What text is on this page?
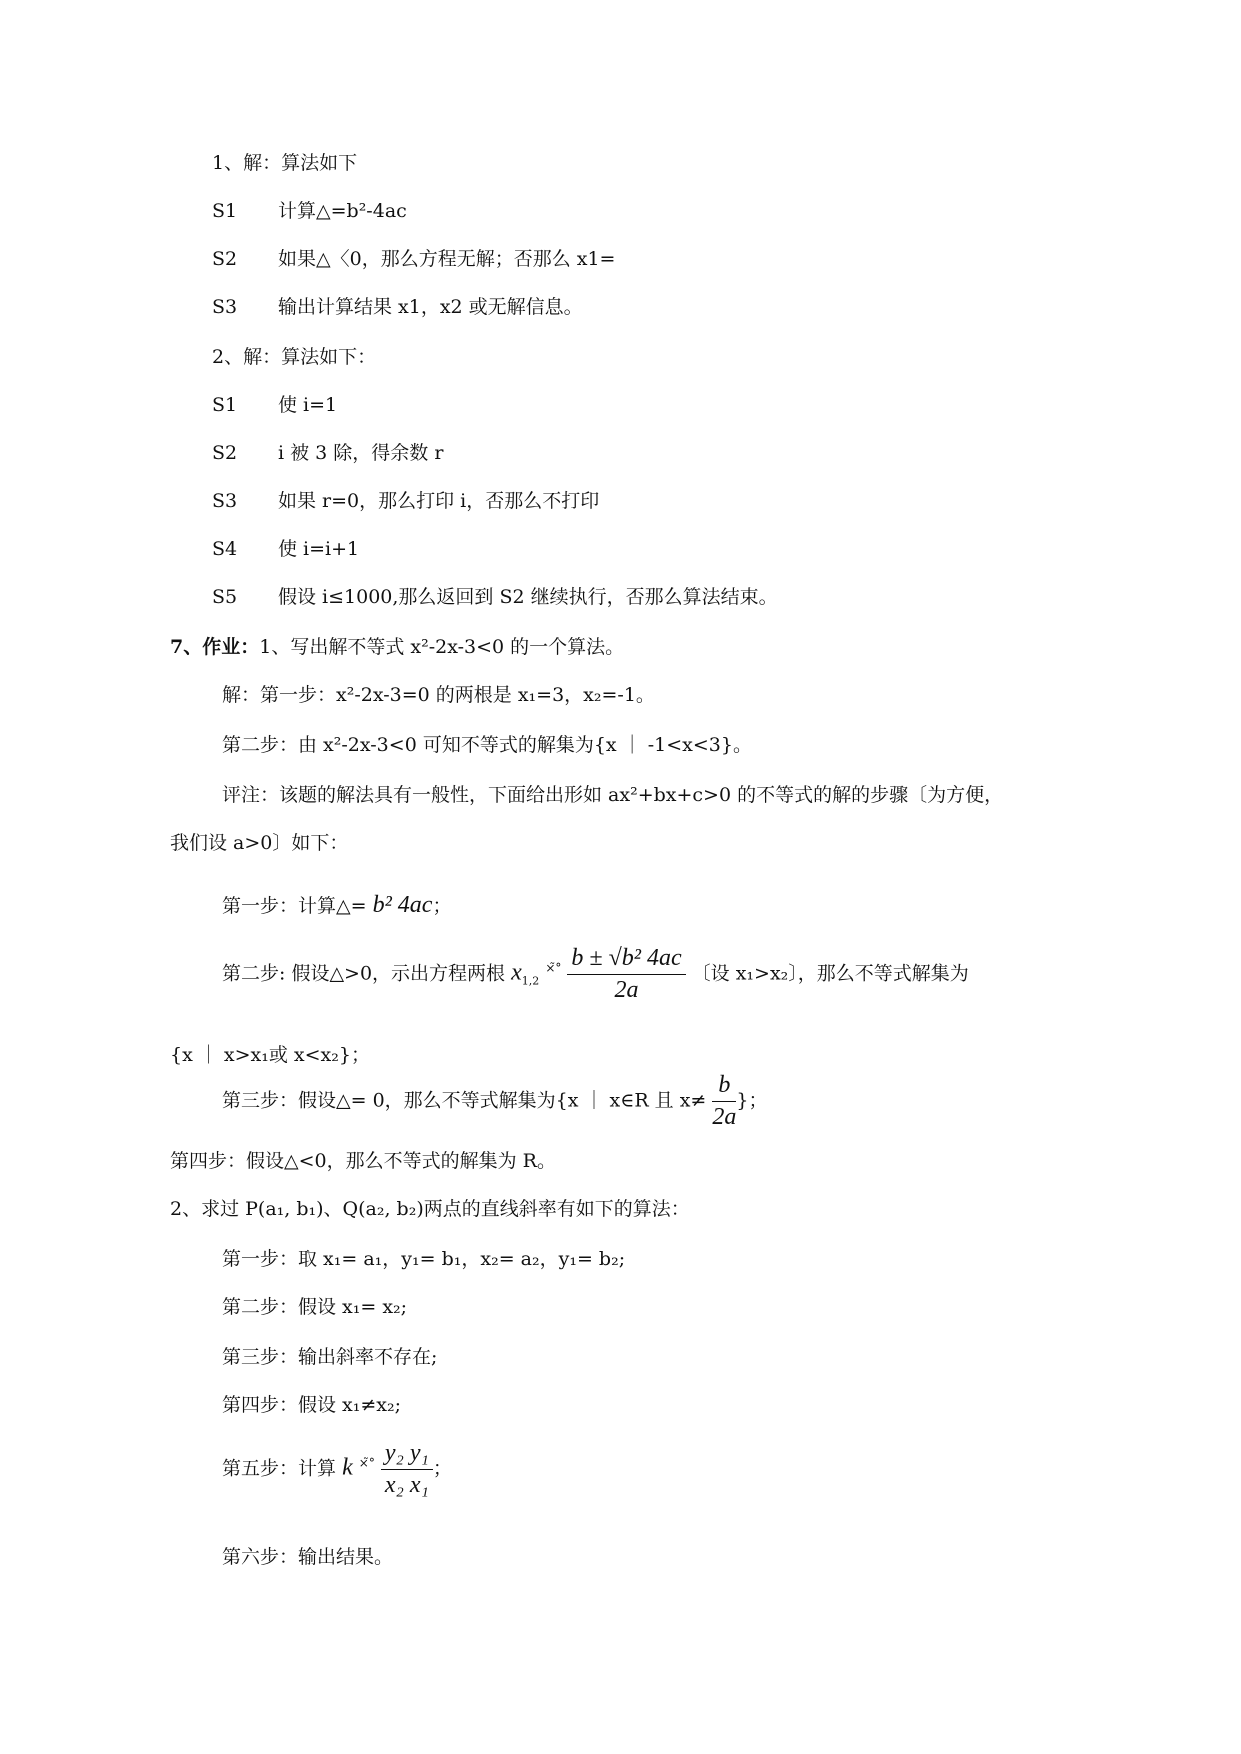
1、解：算法如下
S1 计算△=b²-4ac
S2 如果△〈0，那么方程无解；否那么 x1=
S3 输出计算结果 x1，x2 或无解信息。
2、解：算法如下：
S1 使 i=1
S2 i 被 3 除，得余数 r
S3 如果 r=0，那么打印 i，否那么不打印
S4 使 i=i+1
S5 假设 i≤1000,那么返回到 S2 继续执行，否那么算法结束。
7、作业：1、写出解不等式 x²-2x-3<0 的一个算法。
解：第一步：x²-2x-3=0 的两根是 x₁=3，x₂=-1。
第二步：由 x²-2x-3<0 可知不等式的解集为{x ｜ -1<x<3}。
评注：该题的解法具有一般性，下面给出形如 ax²+bx+c>0 的不等式的解的步骤〔为方便，
我们设 a>0〕如下：
第一步：计算△= b² 4ac；
第二步: 假设△>0，示出方程两根 $x_{1,2}$ $^{\times̃^\circ} \frac{\text{b ± √b² 4ac}}{2a}$ 〔设 x₁>x₂〕，那么不等式解集为
{x ｜ x>x₁或 x<x₂}；
第三步：假设△= 0，那么不等式解集为{x ｜ x∈R 且 $x\ne \frac{b}{2a}$ }；
第四步：假设△<0，那么不等式的解集为 R。
2、求过 P(a₁, b₁)、Q(a₂, b₂)两点的直线斜率有如下的算法：
第一步：取 x₁= a₁，y₁= b₁，x₂= a₂，y₁= b₂;
第二步：假设 x₁= x₂;
第三步：输出斜率不存在;
第四步：假设 x₁≠x₂;
第五步：计算 k $^{\times̃^\circ} \frac{\text{y₂ y₁}}{\text{x₂ x₁}}$ ；
第六步：输出结果。
